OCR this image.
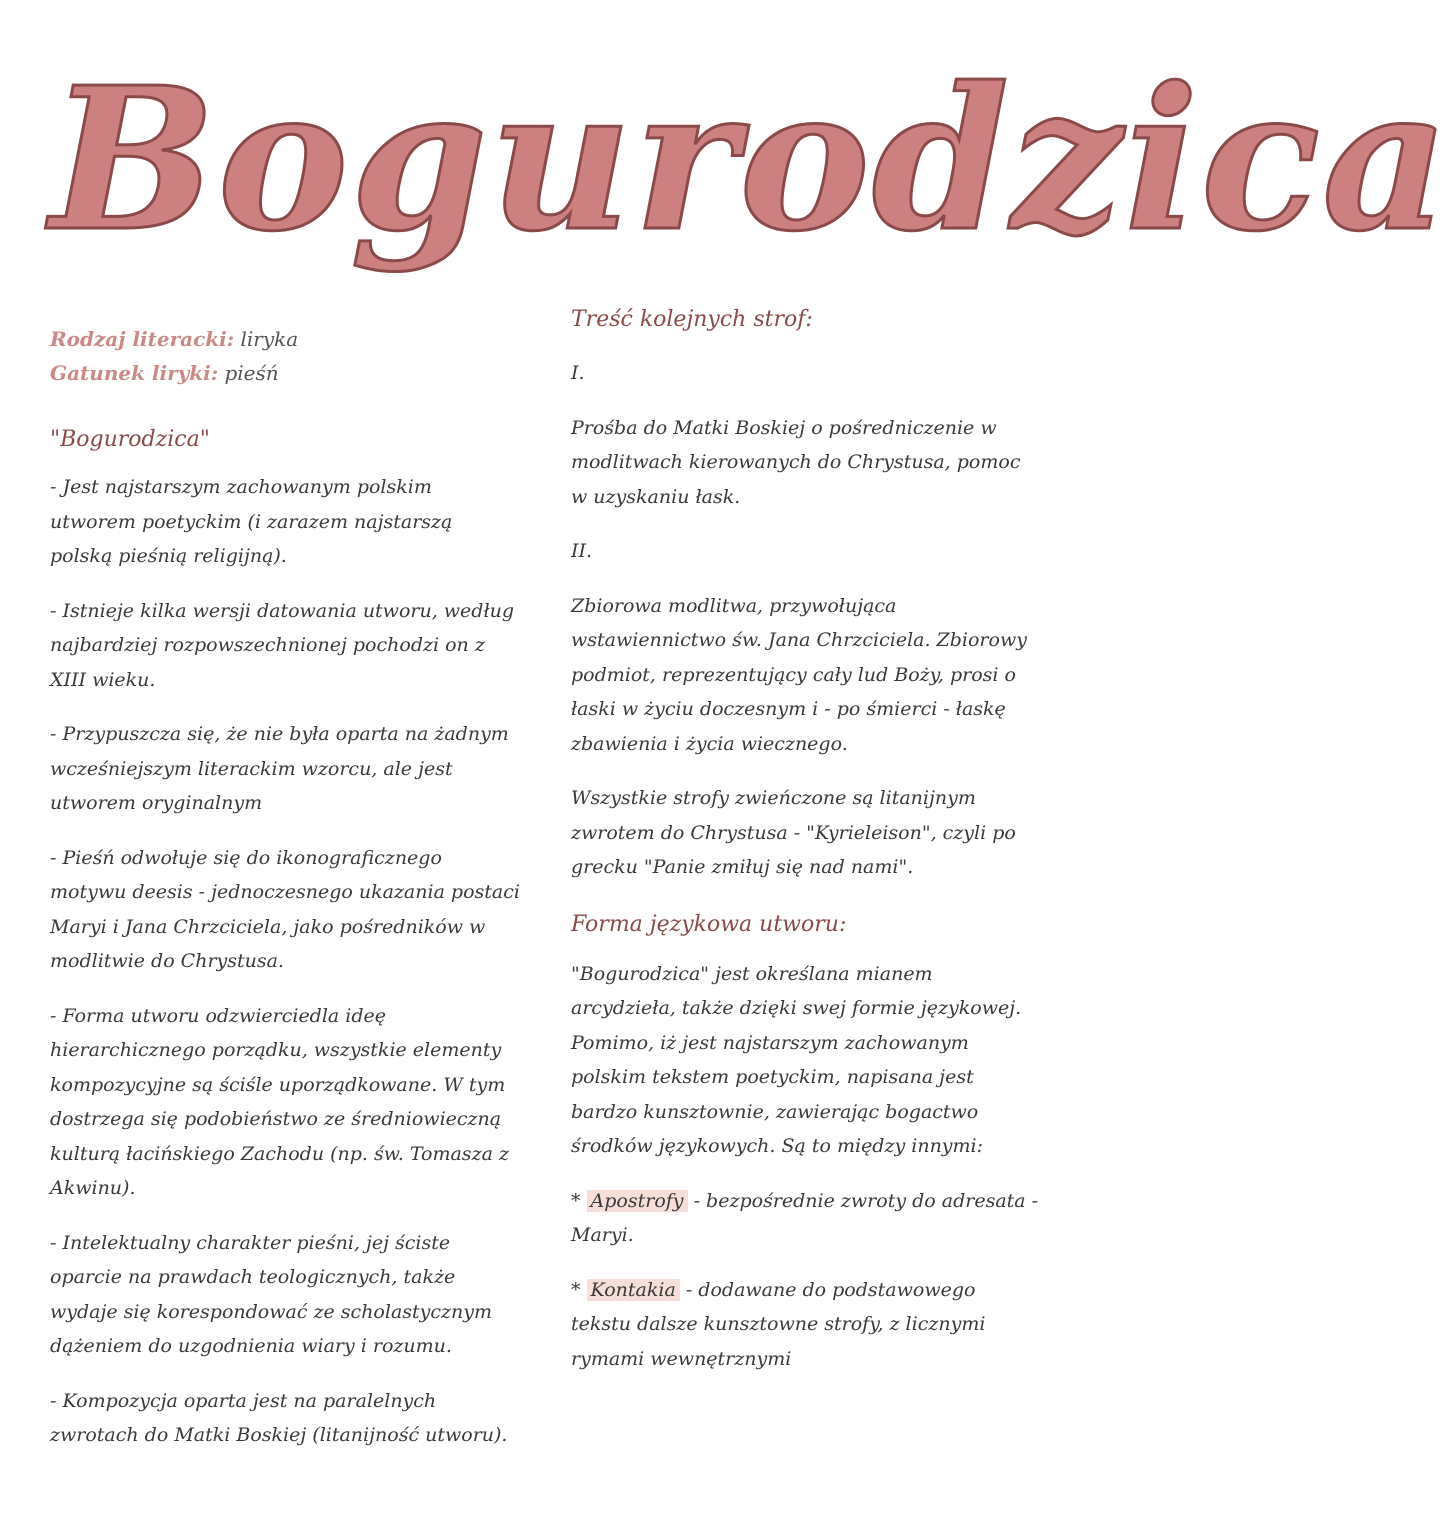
Bogurodzica

Rodzaj literacki: liryka

Gatunek liryki: pieśń

"Bogurodzica"

- Jest najstarszym zachowanym polskim utworem poetyckim (i zarazem najstarszą polską pieśnią religijną).

- Istnieje kilka wersji datowania utworu, według najbardziej rozpowszechnionej pochodzi on z XIII wieku.

- Przypuszcza się, że nie była oparta na żadnym wcześniejszym literackim wzorcu, ale jest utworem oryginalnym

- Pieśń odwołuje się do ikonograficznego motywu deesis - jednoczesnego ukazania postaci Maryi i Jana Chrzciciela, jako pośredników w modlitwie do Chrystusa.

- Forma utworu odzwierciedla ideę hierarchicznego porządku, wszystkie elementy kompozycyjne są ściśle uporządkowane. W tym dostrzega się podobieństwo ze średniowieczną kulturą łacińskiego Zachodu (np. św. Tomasza z Akwinu).

- Intelektualny charakter pieśni, jej ściste oparcie na prawdach teologicznych, także wydaje się korespondować ze scholastycznym dążeniem do uzgodnienia wiary i rozumu.

- Kompozycja oparta jest na paralelnych zwrotach do Matki Boskiej (litanijność utworu).

Treść kolejnych strof:

I.

Prośba do Matki Boskiej o pośredniczenie w modlitwach kierowanych do Chrystusa, pomoc w uzyskaniu łask.

II.

Zbiorowa modlitwa, przywołująca wstawiennictwo św. Jana Chrzciciela. Zbiorowy podmiot, reprezentujący cały lud Boży, prosi o łaski w życiu doczesnym i - po śmierci - łaskę zbawienia i życia wiecznego.

Wszystkie strofy zwieńczone są litanijnym zwrotem do Chrystusa - "Kyrieleison", czyli po grecku "Panie zmiłuj się nad nami".

Forma językowa utworu:

"Bogurodzica" jest określana mianem arcydzieła, także dzięki swej formie językowej. Pomimo, iż jest najstarszym zachowanym polskim tekstem poetyckim, napisana jest bardzo kunsztownie, zawierając bogactwo środków językowych. Są to między innymi:

* Apostrofy - bezpośrednie zwroty do adresata - Maryi.

* Kontakia - dodawane do podstawowego tekstu dalsze kunsztowne strofy, z licznymi rymami wewnętrznymi
